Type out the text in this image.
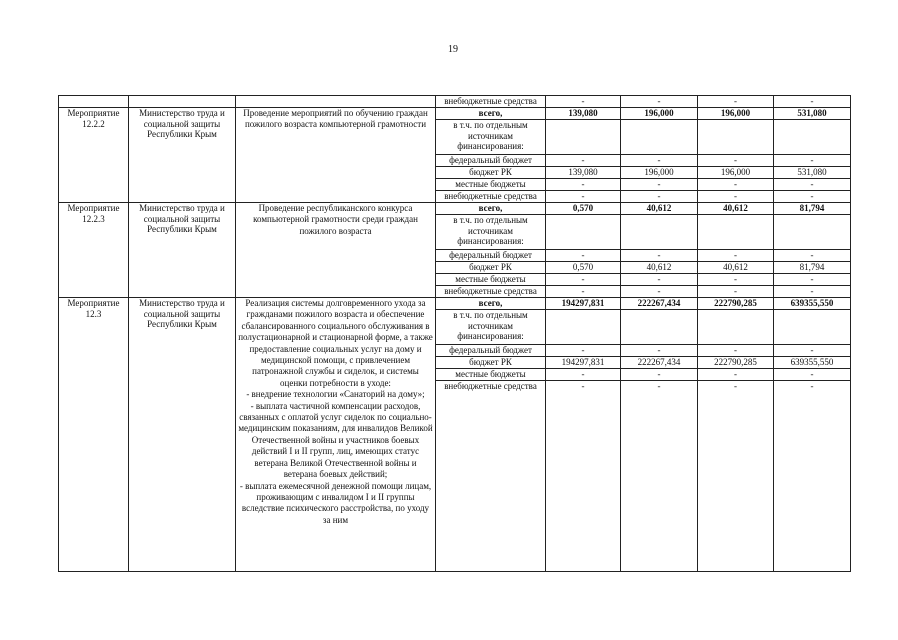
19
			внебюджетные средства	-	-	-	-
Мероприятие 12.2.2	Министерство труда и социальной защиты Республики Крым	Проведение мероприятий по обучению граждан пожилого возраста компьютерной грамотности	всего,	139,080	196,000	196,000	531,080
			в т.ч. по отдельным источникам финансирования:				
			федеральный бюджет	-	-	-	-
			бюджет РК	139,080	196,000	196,000	531,080
			местные бюджеты	-	-	-	-
			внебюджетные средства	-	-	-	-
Мероприятие 12.2.3	Министерство труда и социальной защиты Республики Крым	Проведение республиканского конкурса компьютерной грамотности среди граждан пожилого возраста	всего,	0,570	40,612	40,612	81,794
			в т.ч. по отдельным источникам финансирования:				
			федеральный бюджет	-	-	-	-
			бюджет РК	0,570	40,612	40,612	81,794
			местные бюджеты	-	-	-	-
			внебюджетные средства	-	-	-	-
Мероприятие 12.3	Министерство труда и социальной защиты Республики Крым	Реализация системы долговременного ухода за гражданами пожилого возраста и обеспечение сбалансированного социального обслуживания в полустационарной и стационарной форме, а также предоставление социальных услуг на дому и медицинской помощи, с привлечением патронажной службы и сиделок, и системы оценки потребности в уходе:
- внедрение технологии «Санаторий на дому»;
- выплата частичной компенсации расходов, связанных с оплатой услуг сиделок по социально-медицинским показаниям, для инвалидов Великой Отечественной войны и участников боевых действий I и II групп, лиц, имеющих статус ветерана Великой Отечественной войны и ветерана боевых действий;
- выплата ежемесячной денежной помощи лицам, проживающим с инвалидом I и II группы вследствие психического расстройства, по уходу за ним	всего,	194297,831	222267,434	222790,285	639355,550
			в т.ч. по отдельным источникам финансирования:				
			федеральный бюджет	-	-	-	-
			бюджет РК	194297,831	222267,434	222790,285	639355,550
			местные бюджеты	-	-	-	-
			внебюджетные средства	-	-	-	-
